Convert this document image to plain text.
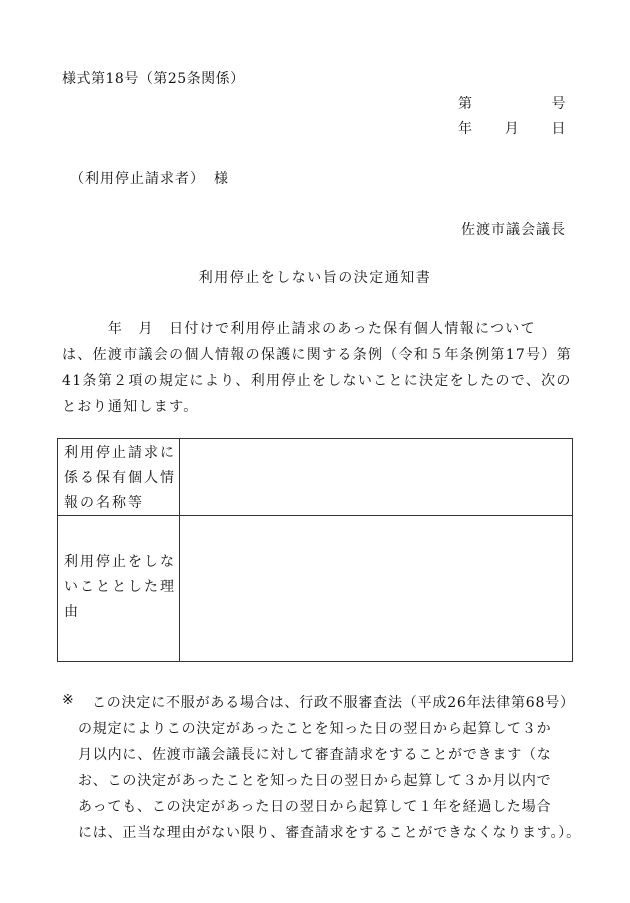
様式第18号（第25条関係）
第	号
年 月 日
（利用停止請求者） 様
佐渡市議会議長
利用停止をしない旨の決定通知書
　　　年　月　日付けで利用停止請求のあった保有個人情報について
は、佐渡市議会の個人情報の保護に関する条例（令和５年条例第17号）第
41条第２項の規定により、利用停止をしないことに決定をしたので、次の
とおり通知します。
利用停止請求に係る保有個人情報の名称等
利用停止をしないこととした理由
※ この決定に不服がある場合は、行政不服審査法（平成26年法律第68号）
の規定によりこの決定があったことを知った日の翌日から起算して３か
月以内に、佐渡市議会議長に対して審査請求をすることができます（な
お、この決定があったことを知った日の翌日から起算して３か月以内で
あっても、この決定があった日の翌日から起算して１年を経過した場合
には、正当な理由がない限り、審査請求をすることができなくなります。）。
